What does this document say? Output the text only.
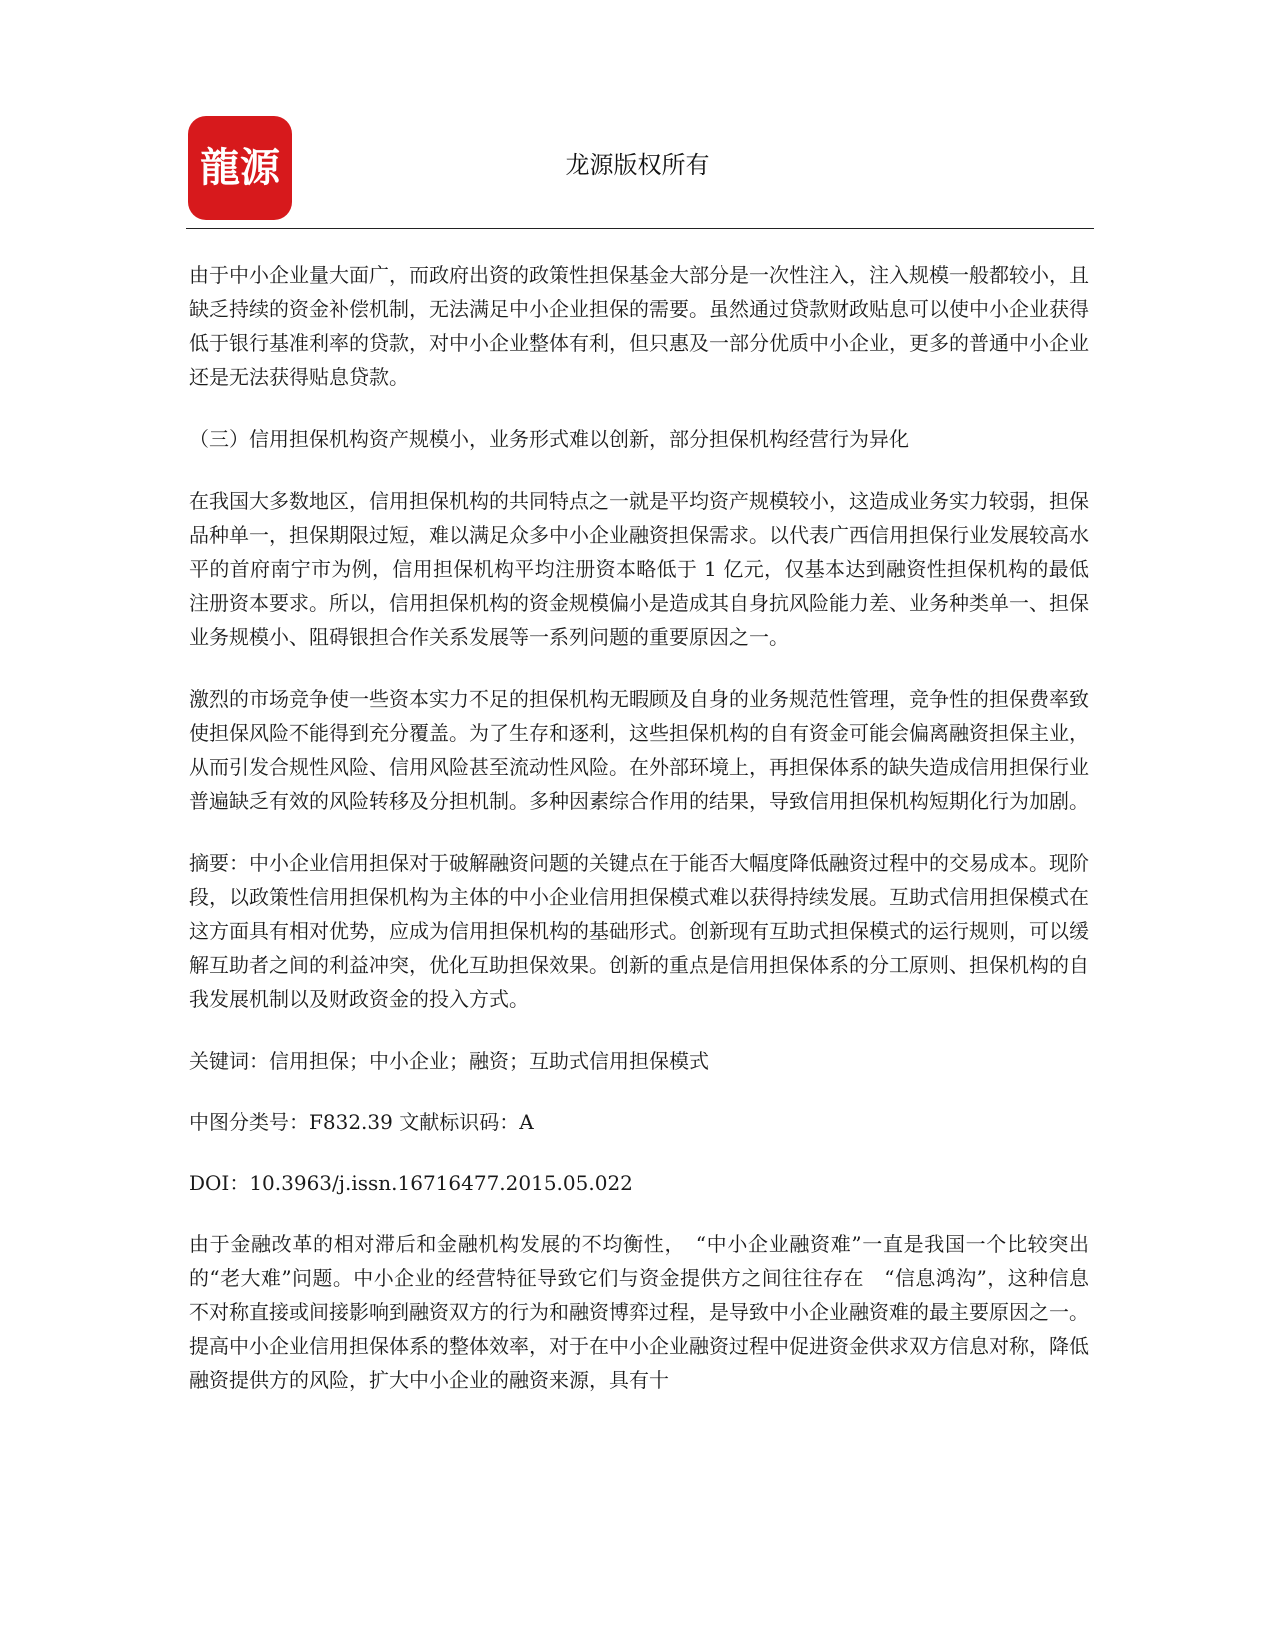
龍源	龙源版权所有

由于中小企业量大面广，而政府出资的政策性担保基金大部分是一次性注入，注入规模一般都较小，且缺乏持续的资金补偿机制，无法满足中小企业担保的需要。虽然通过贷款财政贴息可以使中小企业获得低于银行基准利率的贷款，对中小企业整体有利，但只惠及一部分优质中小企业，更多的普通中小企业还是无法获得贴息贷款。

（三）信用担保机构资产规模小，业务形式难以创新，部分担保机构经营行为异化

在我国大多数地区，信用担保机构的共同特点之一就是平均资产规模较小，这造成业务实力较弱，担保品种单一，担保期限过短，难以满足众多中小企业融资担保需求。以代表广西信用担保行业发展较高水平的首府南宁市为例，信用担保机构平均注册资本略低于 1 亿元，仅基本达到融资性担保机构的最低注册资本要求。所以，信用担保机构的资金规模偏小是造成其自身抗风险能力差、业务种类单一、担保业务规模小、阻碍银担合作关系发展等一系列问题的重要原因之一。

激烈的市场竞争使一些资本实力不足的担保机构无暇顾及自身的业务规范性管理，竞争性的担保费率致使担保风险不能得到充分覆盖。为了生存和逐利，这些担保机构的自有资金可能会偏离融资担保主业，从而引发合规性风险、信用风险甚至流动性风险。在外部环境上，再担保体系的缺失造成信用担保行业普遍缺乏有效的风险转移及分担机制。多种因素综合作用的结果，导致信用担保机构短期化行为加剧。

摘要：中小企业信用担保对于破解融资问题的关键点在于能否大幅度降低融资过程中的交易成本。现阶段，以政策性信用担保机构为主体的中小企业信用担保模式难以获得持续发展。互助式信用担保模式在这方面具有相对优势，应成为信用担保机构的基础形式。创新现有互助式担保模式的运行规则，可以缓解互助者之间的利益冲突，优化互助担保效果。创新的重点是信用担保体系的分工原则、担保机构的自我发展机制以及财政资金的投入方式。

关键词：信用担保；中小企业；融资；互助式信用担保模式

中图分类号：F832.39 文献标识码：A

DOI：10.3963/j.issn.16716477.2015.05.022

由于金融改革的相对滞后和金融机构发展的不均衡性，　“中小企业融资难”一直是我国一个比较突出的“老大难”问题。中小企业的经营特征导致它们与资金提供方之间往往存在　“信息鸿沟”，这种信息不对称直接或间接影响到融资双方的行为和融资博弈过程，是导致中小企业融资难的最主要原因之一。提高中小企业信用担保体系的整体效率，对于在中小企业融资过程中促进资金供求双方信息对称，降低融资提供方的风险，扩大中小企业的融资来源，具有十
